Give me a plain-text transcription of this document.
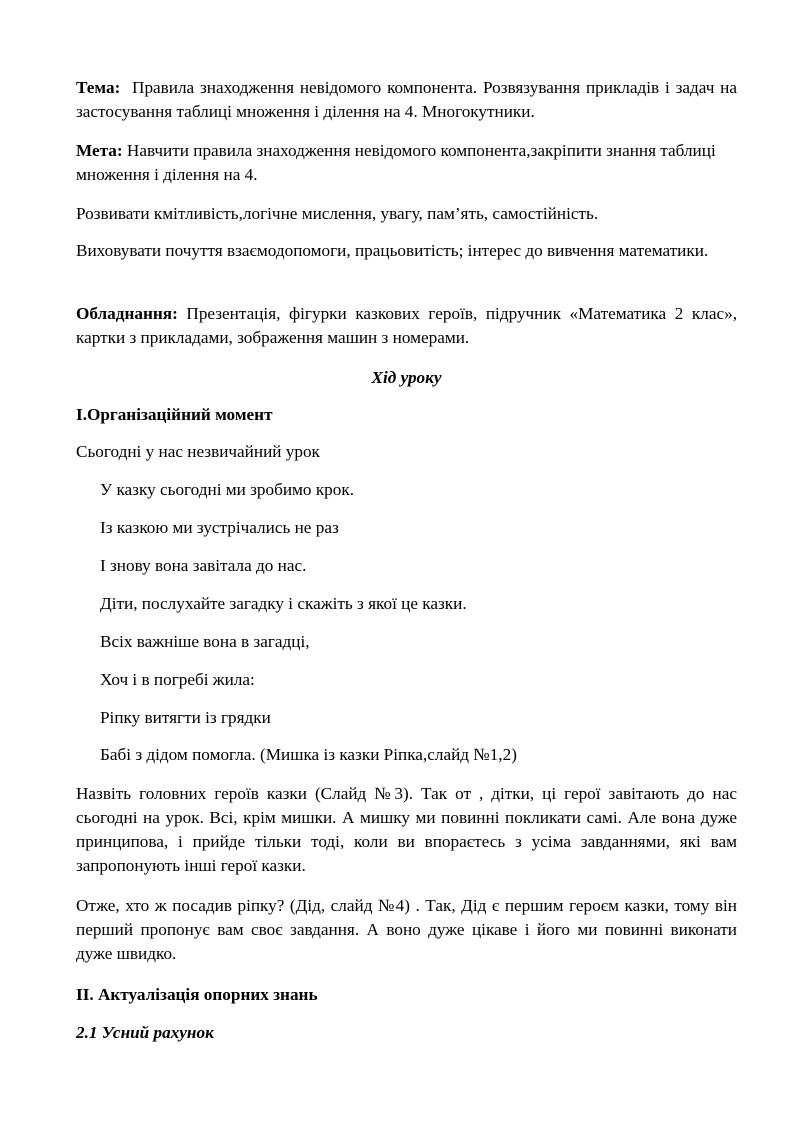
Тема: Правила знаходження невідомого компонента. Розвязування прикладів і задач на застосування таблиці множення і ділення на 4. Многокутники.

Мета: Навчити правила знаходження невідомого компонента,закріпити знання таблиці множення і ділення на 4.

Розвивати кмітливість,логічне мислення, увагу, пам’ять, самостійність.

Виховувати почуття взаємодопомоги, працьовитість; інтерес до вивчення математики.

Обладнання: Презентація, фігурки казкових героїв, підручник «Математика 2 клас», картки з прикладами, зображення машин з номерами.

Хід уроку

I.Організаційний момент

Сьогодні у нас незвичайний урок

У казку сьогодні ми зробимо крок.

Із казкою ми зустрічались не раз

І знову вона завітала до нас.

Діти, послухайте загадку і скажіть з якої це казки.

Всіх важніше вона в загадці,

Хоч і в погребі жила:

Ріпку витягти із грядки

Бабі з дідом помогла. (Мишка із казки Ріпка,слайд №1,2)

Назвіть головних героїв казки (Слайд №3). Так от , дітки, ці герої завітають до нас сьогодні на урок. Всі, крім мишки. А мишку ми повинні покликати самі. Але вона дуже принципова, і прийде тільки тоді, коли ви впораєтесь з усіма завданнями, які вам запропонують інші герої казки.

Отже, хто ж посадив ріпку? (Дід, слайд №4) . Так, Дід є першим героєм казки, тому він перший пропонує вам своє завдання. А воно дуже цікаве і його ми повинні виконати дуже швидко.

II. Актуалізація опорних знань

2.1 Усний рахунок
